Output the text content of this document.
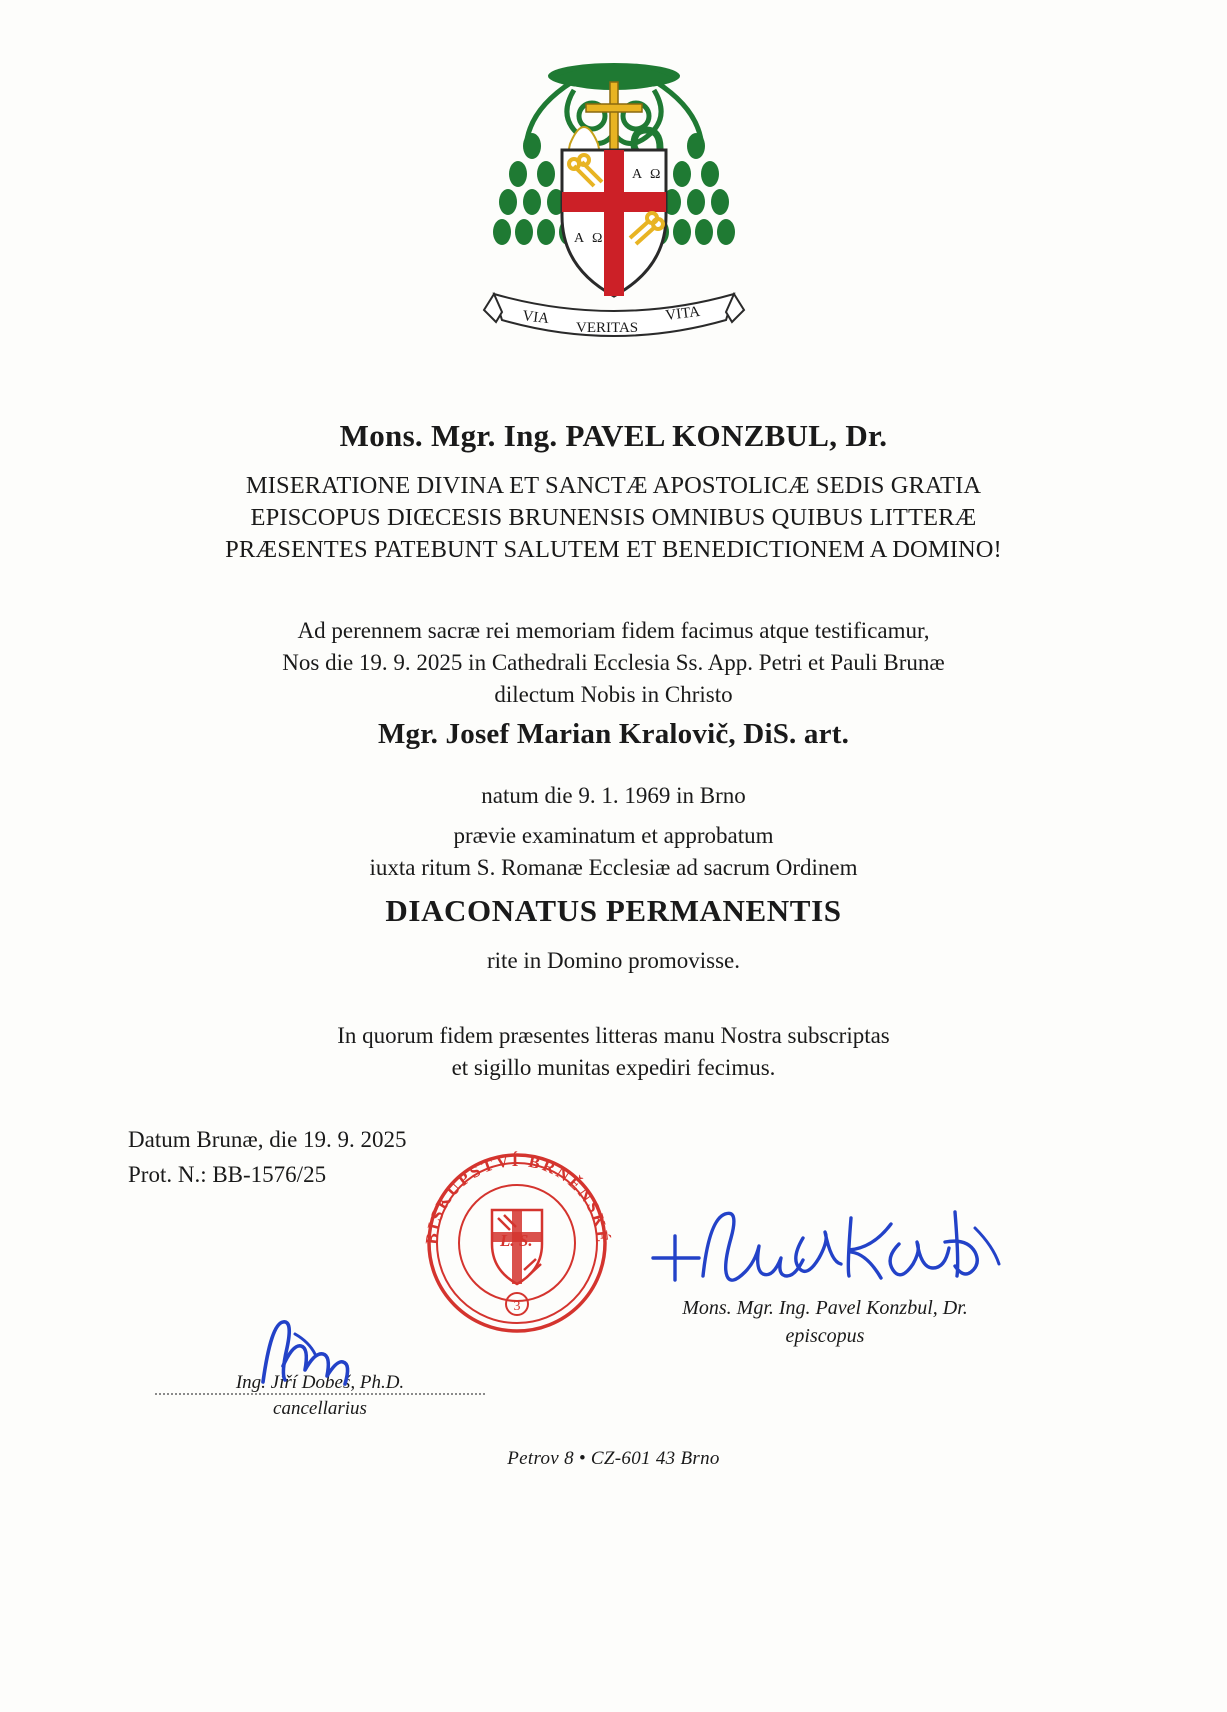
A Ω
A Ω
VIA
VERITAS
VITA
Mons. Mgr. Ing. PAVEL KONZBUL, Dr.
MISERATIONE DIVINA ET SANCTÆ APOSTOLICÆ SEDIS GRATIA
EPISCOPUS DIŒCESIS BRUNENSIS OMNIBUS QUIBUS LITTERÆ
PRÆSENTES PATEBUNT SALUTEM ET BENEDICTIONEM A DOMINO!
Ad perennem sacræ rei memoriam fidem facimus atque testificamur,
Nos die 19. 9. 2025 in Cathedrali Ecclesia Ss. App. Petri et Pauli Brunæ
dilectum Nobis in Christo
Mgr. Josef Marian Kralovič, DiS. art.
natum die 9. 1. 1969 in Brno
prævie examinatum et approbatum
iuxta ritum S. Romanæ Ecclesiæ ad sacrum Ordinem
DIACONATUS PERMANENTIS
rite in Domino promovisse.
In quorum fidem præsentes litteras manu Nostra subscriptas
et sigillo munitas expediri fecimus.
Datum Brunæ, die 19. 9. 2025
Prot. N.: BB-1576/25
BISKUPSTVÍ BRNĚNSKÉ
L. S.
3	Mons. Mgr. Ing. Pavel Konzbul, Dr.
episcopus
Ing. Jiří Dobeš, Ph.D.
cancellarius
Petrov 8 • CZ-601 43 Brno
